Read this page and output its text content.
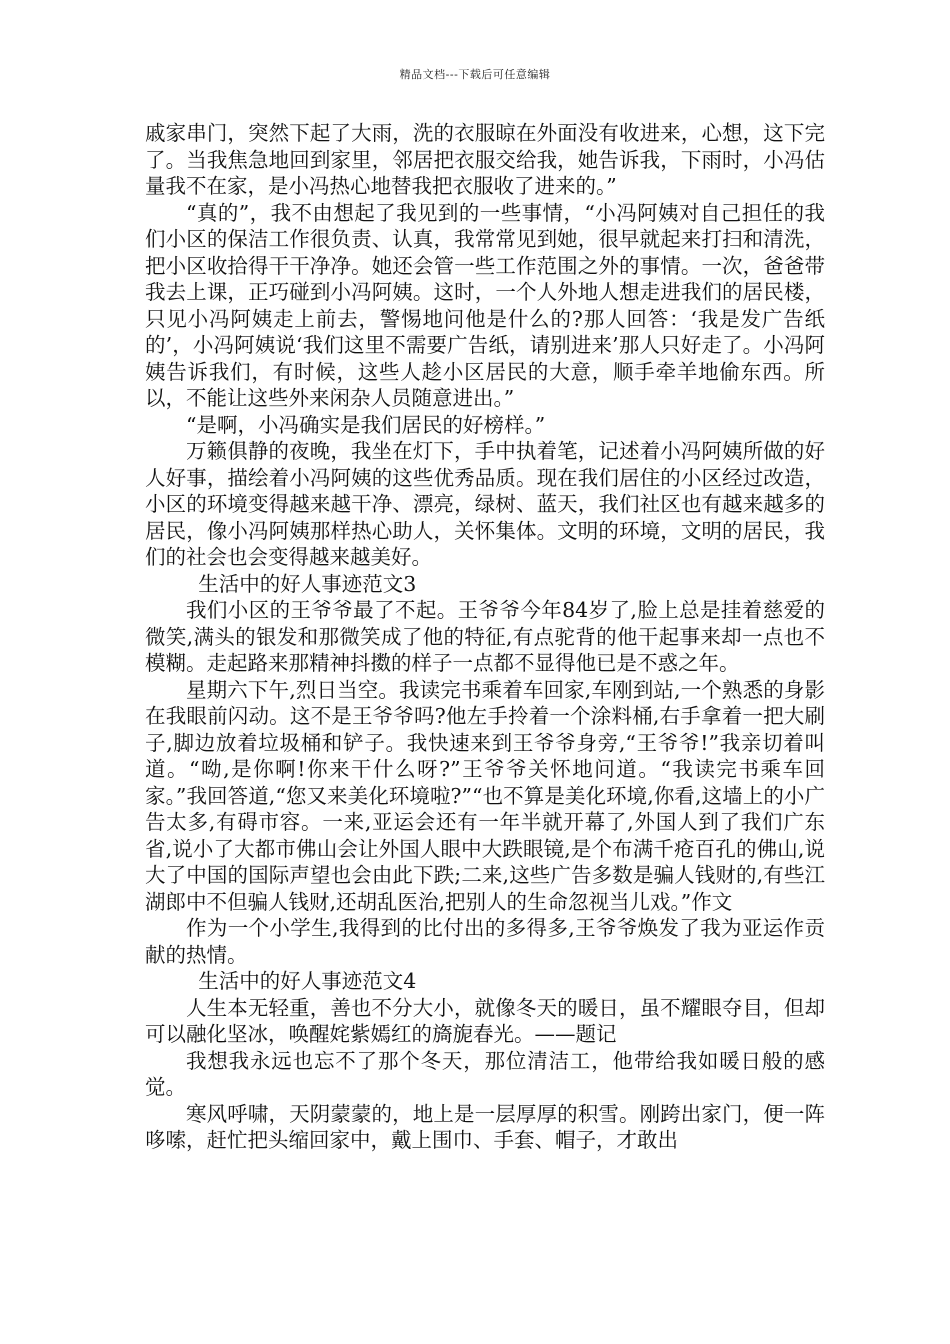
精品文档---下载后可任意编辑

戚家串门，突然下起了大雨，洗的衣服晾在外面没有收进来，心想，这下完了。当我焦急地回到家里，邻居把衣服交给我，她告诉我，下雨时，小冯估量我不在家，是小冯热心地替我把衣服收了进来的。”

“真的”，我不由想起了我见到的一些事情，“小冯阿姨对自己担任的我们小区的保洁工作很负责、认真，我常常见到她，很早就起来打扫和清洗，把小区收拾得干干净净。她还会管一些工作范围之外的事情。一次，爸爸带我去上课，正巧碰到小冯阿姨。这时，一个人外地人想走进我们的居民楼，只见小冯阿姨走上前去，警惕地问他是什么的?那人回答：‘我是发广告纸的’，小冯阿姨说‘我们这里不需要广告纸，请别进来’那人只好走了。小冯阿姨告诉我们，有时候，这些人趁小区居民的大意，顺手牵羊地偷东西。所以，不能让这些外来闲杂人员随意进出。”

“是啊，小冯确实是我们居民的好榜样。”

万籁俱静的夜晚，我坐在灯下，手中执着笔，记述着小冯阿姨所做的好人好事，描绘着小冯阿姨的这些优秀品质。现在我们居住的小区经过改造，小区的环境变得越来越干净、漂亮，绿树、蓝天，我们社区也有越来越多的居民，像小冯阿姨那样热心助人，关怀集体。文明的环境，文明的居民，我们的社会也会变得越来越美好。

生活中的好人事迹范文3

我们小区的王爷爷最了不起。王爷爷今年84岁了,脸上总是挂着慈爱的微笑,满头的银发和那微笑成了他的特征,有点驼背的他干起事来却一点也不模糊。走起路来那精神抖擞的样子一点都不显得他已是不惑之年。

星期六下午,烈日当空。我读完书乘着车回家,车刚到站,一个熟悉的身影在我眼前闪动。这不是王爷爷吗?他左手拎着一个涂料桶,右手拿着一把大刷子,脚边放着垃圾桶和铲子。我快速来到王爷爷身旁,“王爷爷!”我亲切着叫道。“呦,是你啊!你来干什么呀?”王爷爷关怀地问道。“我读完书乘车回家。”我回答道,“您又来美化环境啦?”“也不算是美化环境,你看,这墙上的小广告太多,有碍市容。一来,亚运会还有一年半就开幕了,外国人到了我们广东省,说小了大都市佛山会让外国人眼中大跌眼镜,是个布满千疮百孔的佛山,说大了中国的国际声望也会由此下跌;二来,这些广告多数是骗人钱财的,有些江湖郎中不但骗人钱财,还胡乱医治,把别人的生命忽视当儿戏。”作文

作为一个小学生,我得到的比付出的多得多,王爷爷焕发了我为亚运作贡献的热情。

生活中的好人事迹范文4

人生本无轻重，善也不分大小，就像冬天的暖日，虽不耀眼夺目，但却可以融化坚冰，唤醒姹紫嫣红的旖旎春光。——题记

我想我永远也忘不了那个冬天，那位清洁工，他带给我如暖日般的感觉。

寒风呼啸，天阴蒙蒙的，地上是一层厚厚的积雪。刚跨出家门，便一阵哆嗦，赶忙把头缩回家中，戴上围巾、手套、帽子，才敢出
